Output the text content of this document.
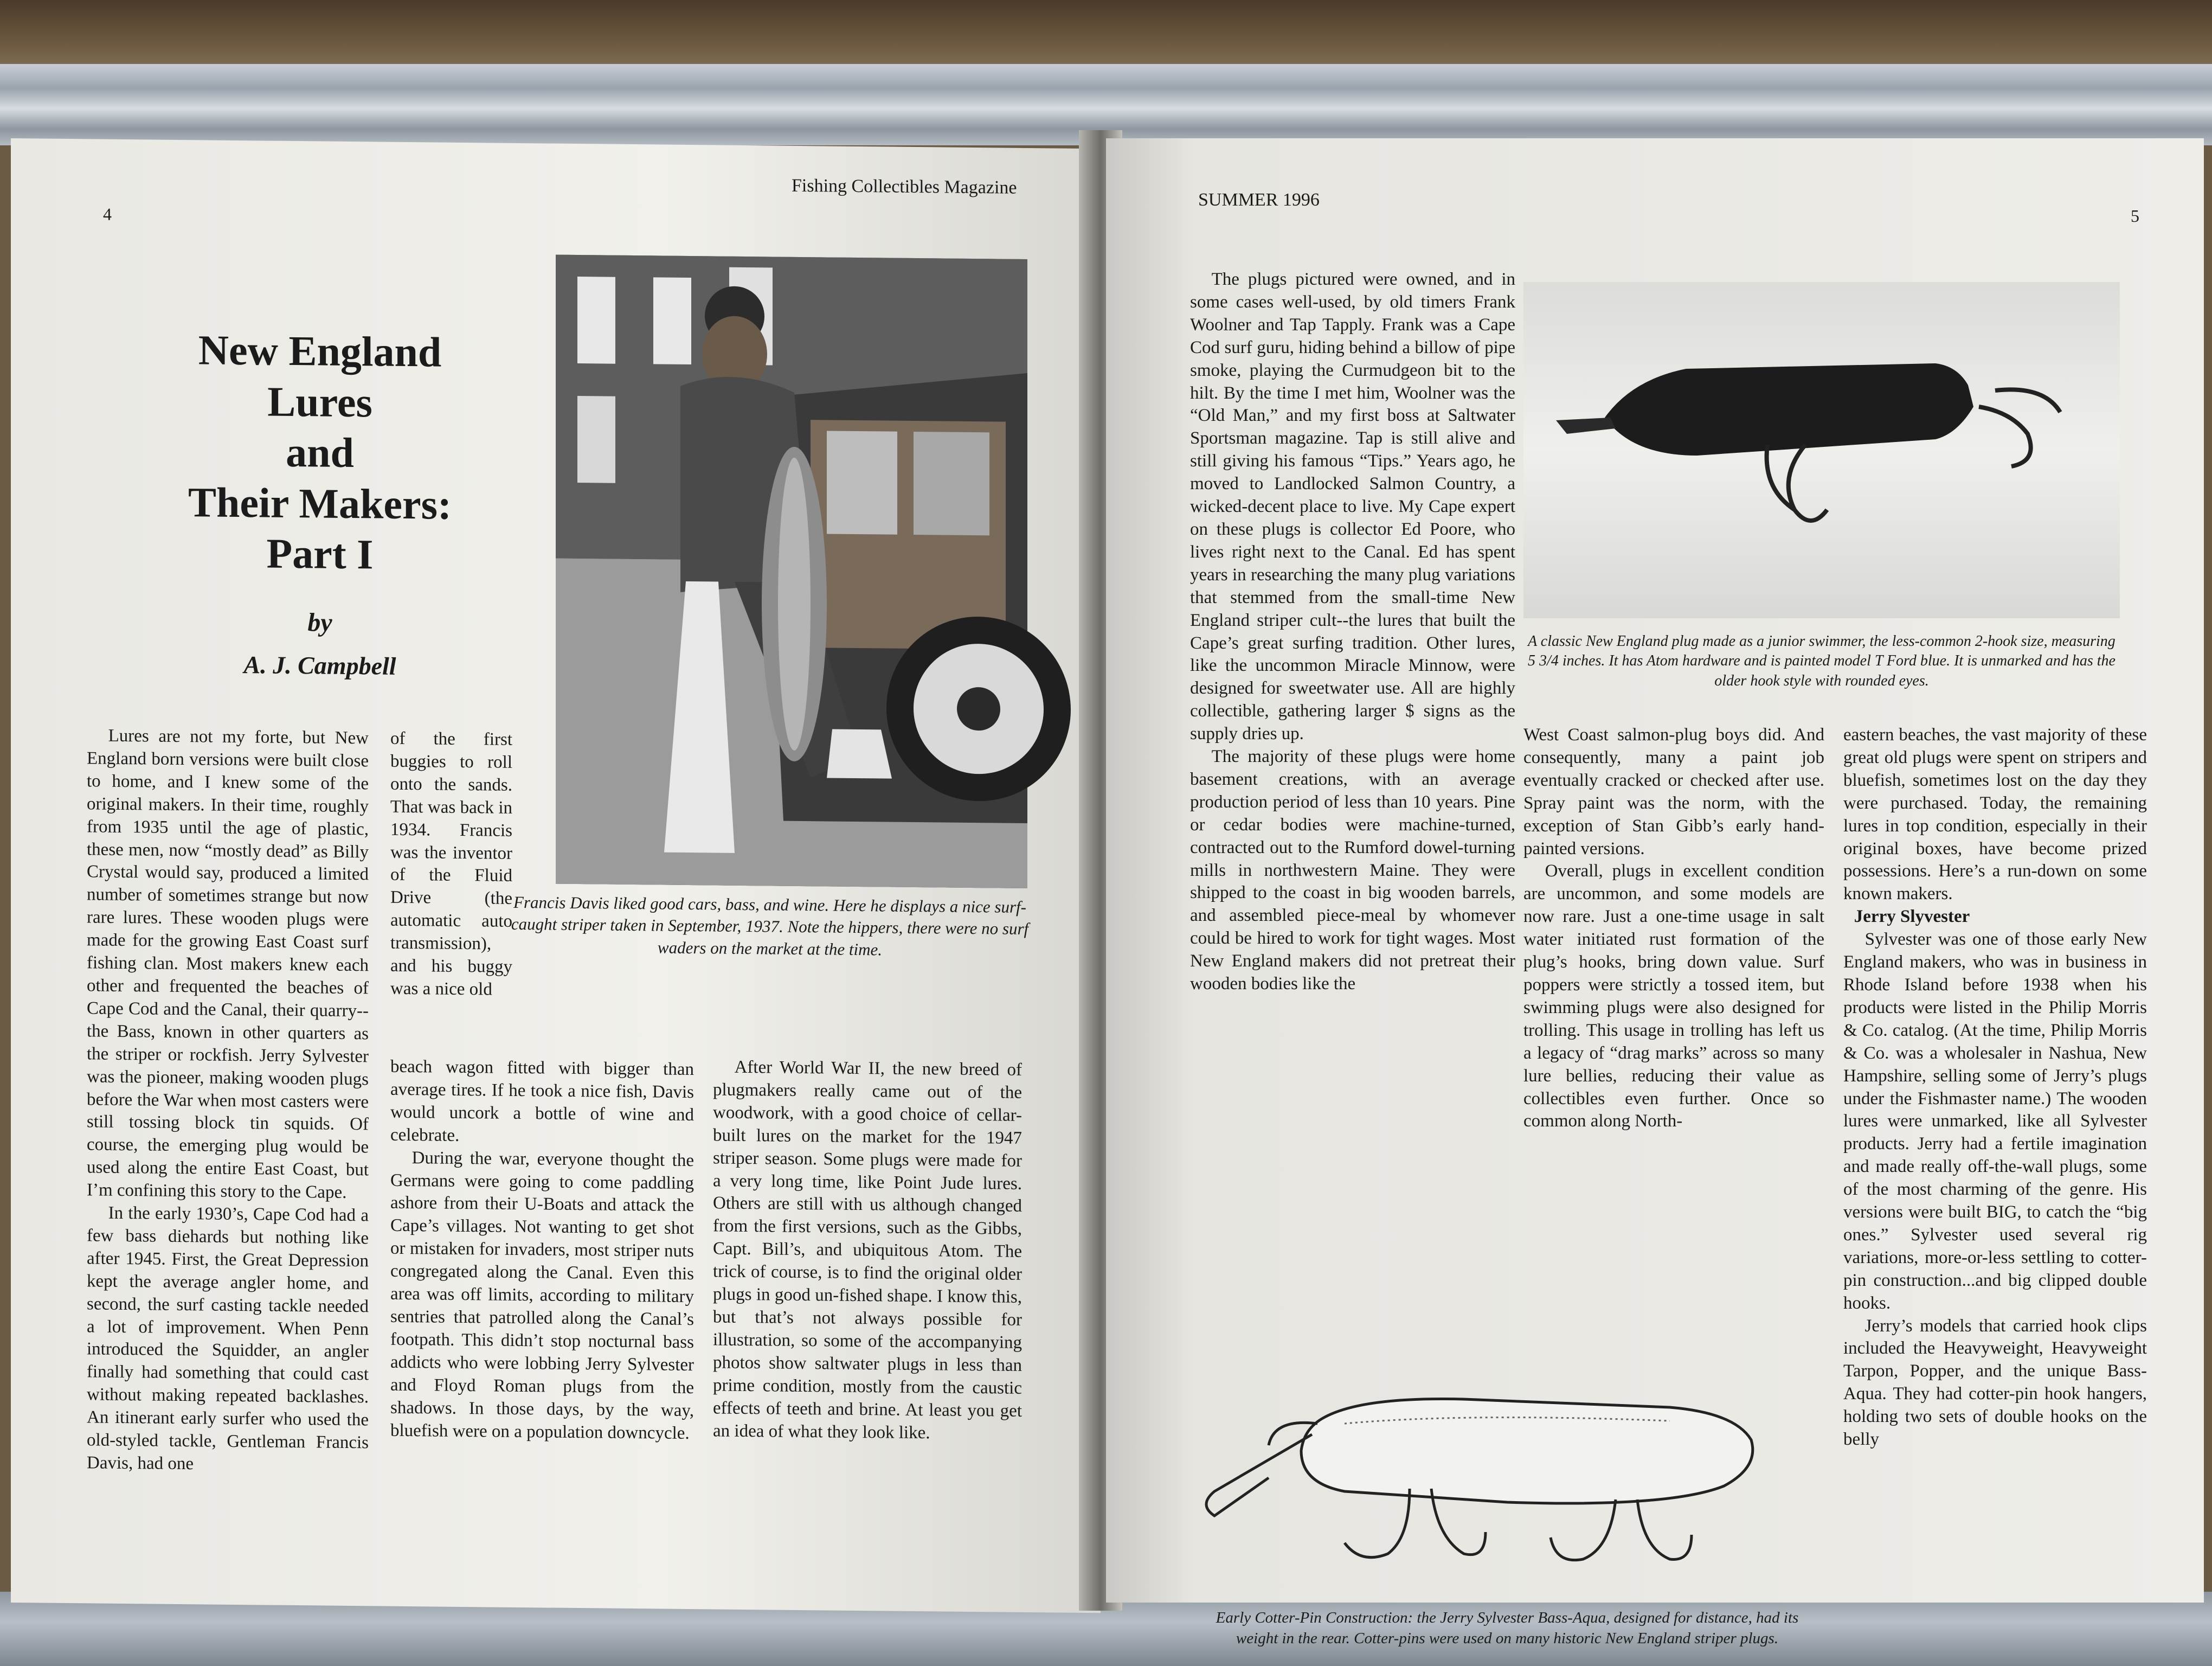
4
Fishing Collectibles Magazine
New England
Lures
and
Their Makers:
Part I
by
A. J. Campbell
Francis Davis liked good cars, bass, and wine. Here he displays a nice surf-caught striper taken in September, 1937. Note the hippers, there were no surf waders on the market at the time.

Lures are not my forte, but New England born versions were built close to home, and I knew some of the original makers. In their time, roughly from 1935 until the age of plastic, these men, now “mostly dead” as Billy Crystal would say, produced a limited number of sometimes strange but now rare lures. These wooden plugs were made for the growing East Coast surf fishing clan. Most makers knew each other and frequented the beaches of Cape Cod and the Canal, their quarry--the Bass, known in other quarters as the striper or rockfish. Jerry Sylvester was the pioneer, making wooden plugs before the War when most casters were still tossing block tin squids. Of course, the emerging plug would be used along the entire East Coast, but I’m confining this story to the Cape.

In the early 1930’s, Cape Cod had a few bass diehards but nothing like after 1945. First, the Great Depression kept the average angler home, and second, the surf casting tackle needed a lot of improvement. When Penn introduced the Squidder, an angler finally had something that could cast without making repeated backlashes. An itinerant early surfer who used the old-styled tackle, Gentleman Francis Davis, had one

of the first buggies to roll onto the sands. That was back in 1934. Francis was the inventor of the Fluid Drive (the automatic auto transmission), and his buggy was a nice old

beach wagon fitted with bigger than average tires. If he took a nice fish, Davis would uncork a bottle of wine and celebrate.

During the war, everyone thought the Germans were going to come paddling ashore from their U-Boats and attack the Cape’s villages. Not wanting to get shot or mistaken for invaders, most striper nuts congregated along the Canal. Even this area was off limits, according to military sentries that patrolled along the Canal’s footpath. This didn’t stop nocturnal bass addicts who were lobbing Jerry Sylvester and Floyd Roman plugs from the shadows. In those days, by the way, bluefish were on a population downcycle.

After World War II, the new breed of plugmakers really came out of the woodwork, with a good choice of cellar-built lures on the market for the 1947 striper season. Some plugs were made for a very long time, like Point Jude lures. Others are still with us although changed from the first versions, such as the Gibbs, Capt. Bill’s, and ubiquitous Atom. The trick of course, is to find the original older plugs in good un-fished shape. I know this, but that’s not always possible for illustration, so some of the accompanying photos show saltwater plugs in less than prime condition, mostly from the caustic effects of teeth and brine. At least you get an idea of what they look like.

SUMMER 1996
5

The plugs pictured were owned, and in some cases well-used, by old timers Frank Woolner and Tap Tapply. Frank was a Cape Cod surf guru, hiding behind a billow of pipe smoke, playing the Curmudgeon bit to the hilt. By the time I met him, Woolner was the “Old Man,” and my first boss at Saltwater Sportsman magazine. Tap is still alive and still giving his famous “Tips.” Years ago, he moved to Landlocked Salmon Country, a wicked-decent place to live. My Cape expert on these plugs is collector Ed Poore, who lives right next to the Canal. Ed has spent years in researching the many plug variations that stemmed from the small-time New England striper cult--the lures that built the Cape’s great surfing tradition. Other lures, like the uncommon Miracle Minnow, were designed for sweetwater use. All are highly collectible, gathering larger $ signs as the supply dries up.

The majority of these plugs were home basement creations, with an average production period of less than 10 years. Pine or cedar bodies were machine-turned, contracted out to the Rumford dowel-turning mills in northwestern Maine. They were shipped to the coast in big wooden barrels, and assembled piece-meal by whomever could be hired to work for tight wages. Most New England makers did not pretreat their wooden bodies like the

A classic New England plug made as a junior swimmer, the less-common 2-hook size, measuring 5 3/4 inches. It has Atom hardware and is painted model T Ford blue. It is unmarked and has the older hook style with rounded eyes.

West Coast salmon-plug boys did. And consequently, many a paint job eventually cracked or checked after use. Spray paint was the norm, with the exception of Stan Gibb’s early hand-painted versions.

Overall, plugs in excellent condition are uncommon, and some models are now rare. Just a one-time usage in salt water initiated rust formation of the plug’s hooks, bring down value. Surf poppers were strictly a tossed item, but swimming plugs were also designed for trolling. This usage in trolling has left us a legacy of “drag marks” across so many lure bellies, reducing their value as collectibles even further. Once so common along North-

eastern beaches, the vast majority of these great old plugs were spent on stripers and bluefish, sometimes lost on the day they were purchased. Today, the remaining lures in top condition, especially in their original boxes, have become prized possessions. Here’s a run-down on some known makers.

Jerry Slyvester

Sylvester was one of those early New England makers, who was in business in Rhode Island before 1938 when his products were listed in the Philip Morris & Co. catalog. (At the time, Philip Morris & Co. was a wholesaler in Nashua, New Hampshire, selling some of Jerry’s plugs under the Fishmaster name.) The wooden lures were unmarked, like all Sylvester products. Jerry had a fertile imagination and made really off-the-wall plugs, some of the most charming of the genre. His versions were built BIG, to catch the “big ones.” Sylvester used several rig variations, more-or-less settling to cotter-pin construction...and big clipped double hooks.

Jerry’s models that carried hook clips included the Heavyweight, Heavyweight Tarpon, Popper, and the unique Bass-Aqua. They had cotter-pin hook hangers, holding two sets of double hooks on the belly

Early Cotter-Pin Construction: the Jerry Sylvester Bass-Aqua, designed for distance, had its weight in the rear. Cotter-pins were used on many historic New England striper plugs.
